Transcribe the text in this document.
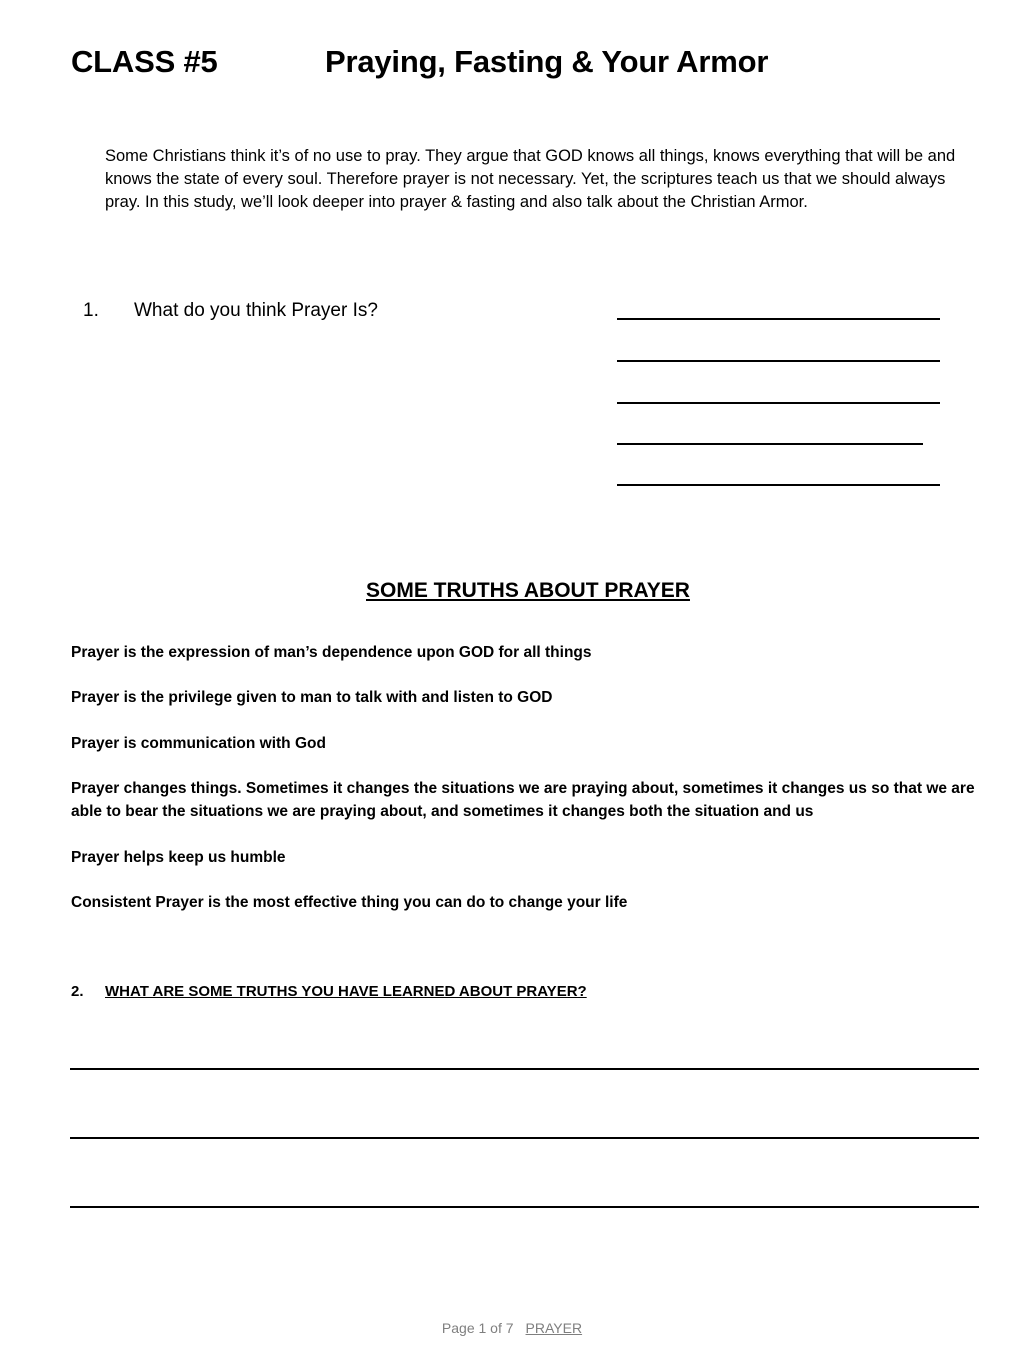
CLASS #5	Praying, Fasting & Your Armor
Some Christians think it’s of no use to pray. They argue that GOD knows all things, knows everything that will be and knows the state of every soul. Therefore prayer is not necessary. Yet, the scriptures teach us that we should always pray. In this study, we’ll look deeper into prayer & fasting and also talk about the Christian Armor.
1. What do you think Prayer Is?
SOME TRUTHS ABOUT PRAYER
Prayer is the expression of man’s dependence upon GOD for all things
Prayer is the privilege given to man to talk with and listen to GOD
Prayer is communication with God
Prayer changes things. Sometimes it changes the situations we are praying about, sometimes it changes us so that we are able to bear the situations we are praying about, and sometimes it changes both the situation and us
Prayer helps keep us humble
Consistent Prayer is the most effective thing you can do to change your life
2. WHAT ARE SOME TRUTHS YOU HAVE LEARNED ABOUT PRAYER?
Page 1 of 7 PRAYER
